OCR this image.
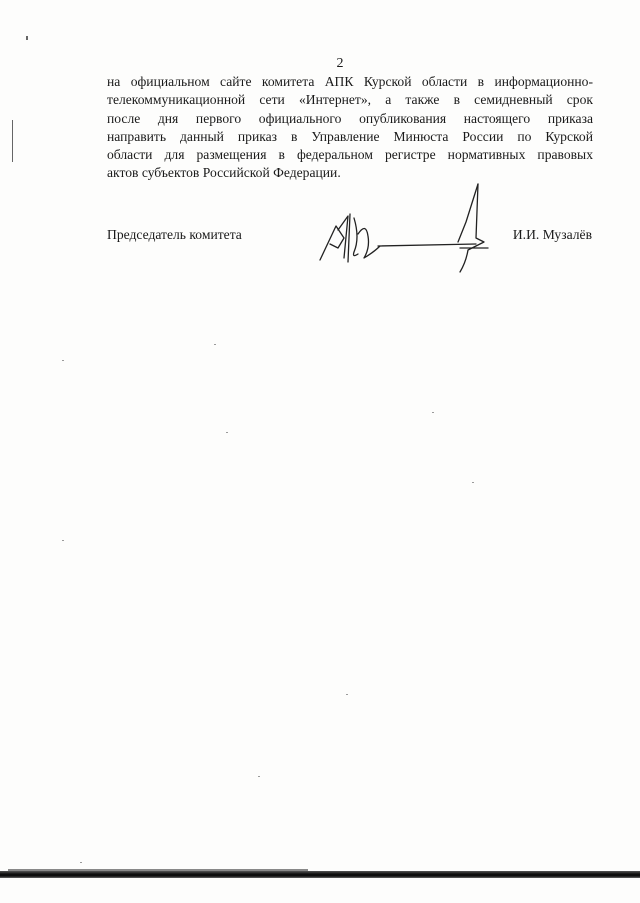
2
на официальном сайте комитета АПК Курской области в информационно-
телекоммуникационной сети «Интернет», а также в семидневный срок
после дня первого официального опубликования настоящего приказа
направить данный приказ в Управление Минюста России по Курской
области для размещения в федеральном регистре нормативных правовых
актов субъектов Российской Федерации.
Председатель комитета	И.И. Музалёв
